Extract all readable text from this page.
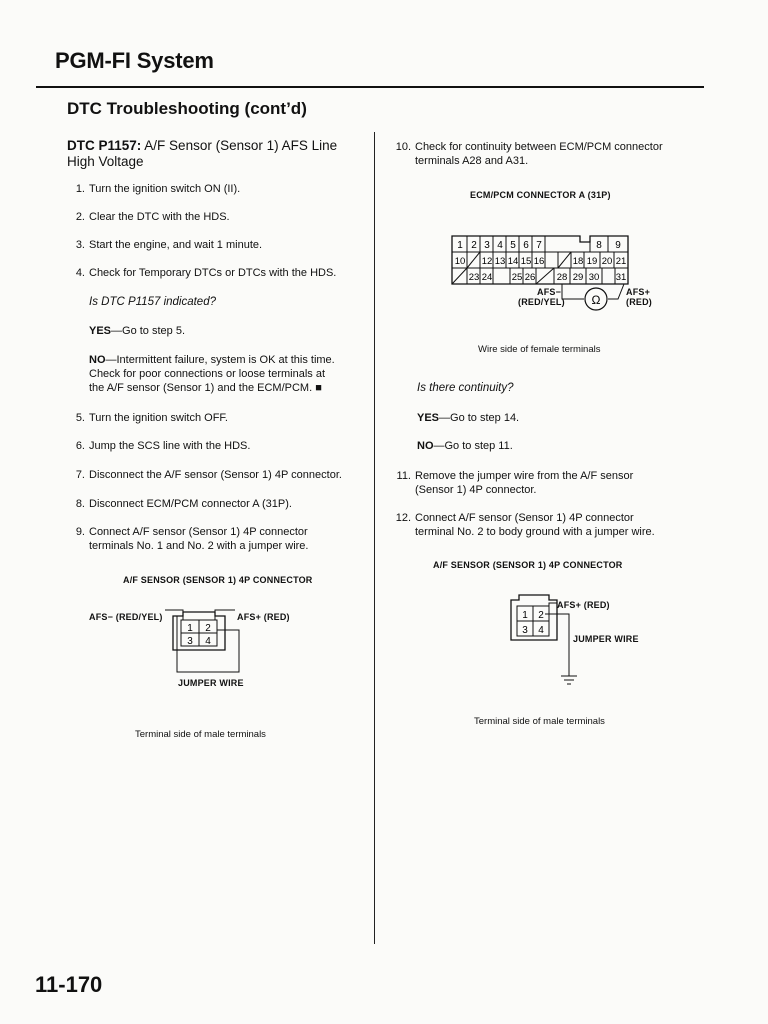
PGM-FI System
DTC Troubleshooting (cont’d)
DTC P1157: A/F Sensor (Sensor 1) AFS Line
High Voltage
1. Turn the ignition switch ON (II).
2. Clear the DTC with the HDS.
3. Start the engine, and wait 1 minute.
4. Check for Temporary DTCs or DTCs with the HDS.
Is DTC P1157 indicated?
YES—Go to step 5.
NO—Intermittent failure, system is OK at this time.
Check for poor connections or loose terminals at
the A/F sensor (Sensor 1) and the ECM/PCM. ■
5. Turn the ignition switch OFF.
6. Jump the SCS line with the HDS.
7. Disconnect the A/F sensor (Sensor 1) 4P connector.
8. Disconnect ECM/PCM connector A (31P).
9. Connect A/F sensor (Sensor 1) 4P connector
terminals No. 1 and No. 2 with a jumper wire.
A/F SENSOR (SENSOR 1) 4P CONNECTOR
AFS− (RED/YEL)	AFS+ (RED)
1 2
3 4
JUMPER WIRE
Terminal side of male terminals
10. Check for continuity between ECM/PCM connector
terminals A28 and A31.
ECM/PCM CONNECTOR A (31P)
1 2 3 4 5 6 7	8 9
10 12 13 14 15 16	18 19 20 21
23 24 25 26 28 29 30 31
Ω
AFS−
(RED/YEL)
AFS+
(RED)
Wire side of female terminals
Is there continuity?
YES—Go to step 14.
NO—Go to step 11.
11. Remove the jumper wire from the A/F sensor
(Sensor 1) 4P connector.
12. Connect A/F sensor (Sensor 1) 4P connector
terminal No. 2 to body ground with a jumper wire.
A/F SENSOR (SENSOR 1) 4P CONNECTOR
1 2
3 4
AFS+ (RED)
JUMPER WIRE
Terminal side of male terminals
11-170
